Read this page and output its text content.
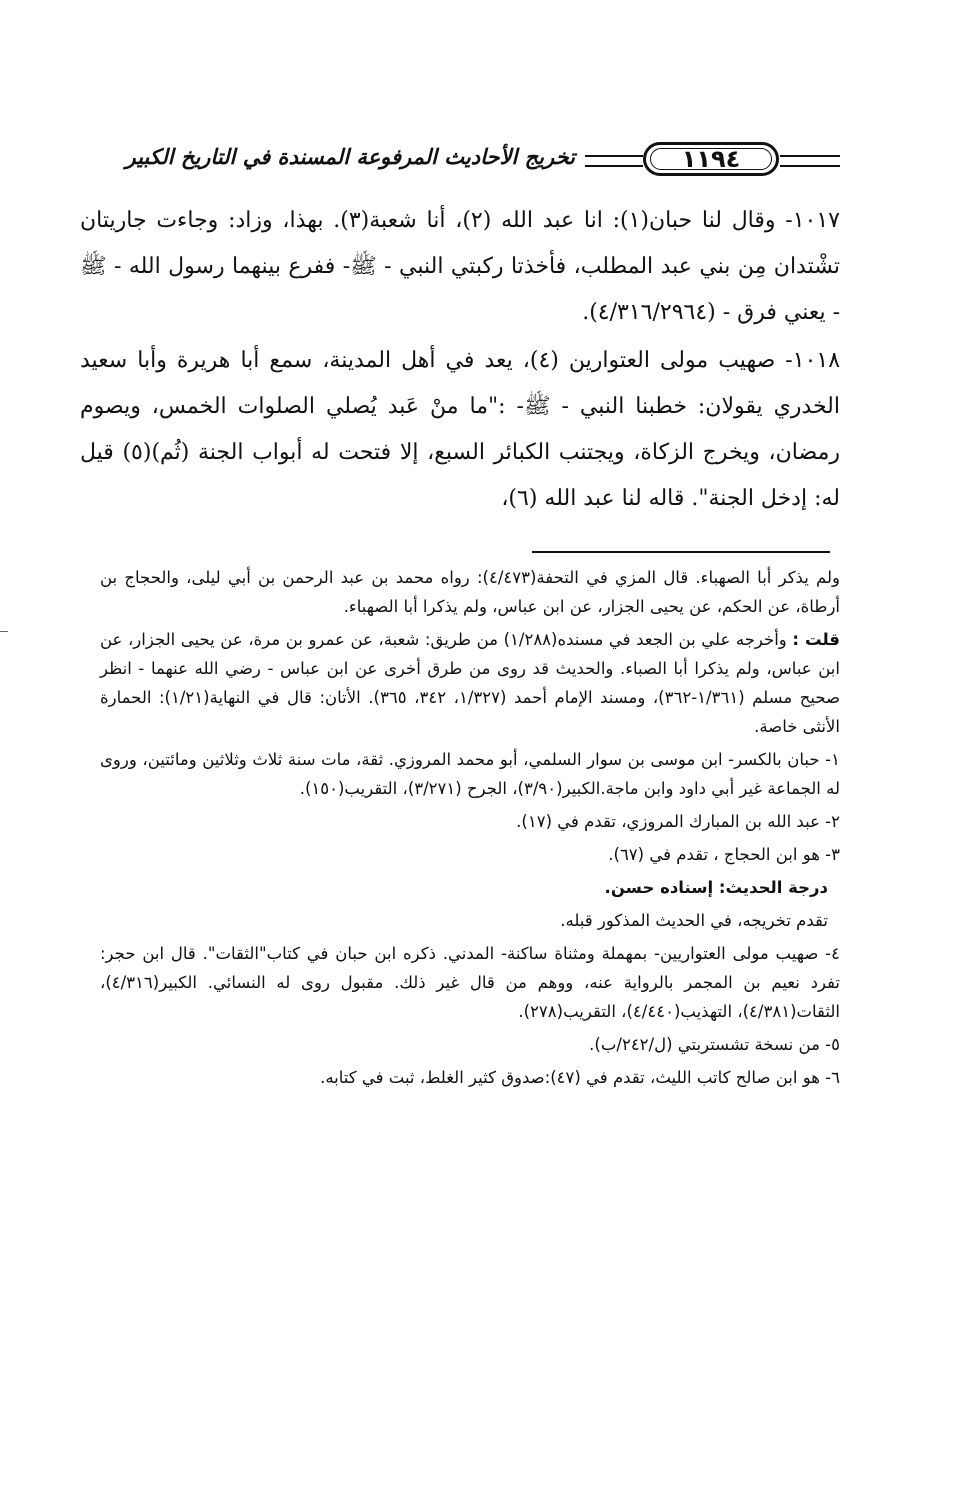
١١٩٤
تخريج الأحاديث المرفوعة المسندة في التاريخ الكبير

١٠١٧- وقال لنا حبان(١): انا عبد الله (٢)، أنا شعبة(٣). بهذا، وزاد: وجاءت جاريتان تشْتدان مِن بني عبد المطلب، فأخذتا ركبتي النبي - ﷺ- ففرع بينهما رسول الله - ﷺ - يعني فرق - (٤/٣١٦/٢٩٦٤).

١٠١٨- صهيب مولى العتوارين (٤)، يعد في أهل المدينة، سمع أبا هريرة وأبا سعيد الخدري يقولان: خطبنا النبي - ﷺ- :"ما منْ عَبد يُصلي الصلوات الخمس، ويصوم رمضان، ويخرج الزكاة، ويجتنب الكبائر السبع، إلا فتحت له أبواب الجنة (ثُم)(٥) قيل له: إدخل الجنة". قاله لنا عبد الله (٦)،

ولم يذكر أبا الصهباء. قال المزي في التحفة(٤/٤٧٣): رواه محمد بن عبد الرحمن بن أبي ليلى، والحجاج بن أرطاة، عن الحكم، عن يحيى الجزار، عن ابن عباس، ولم يذكرا أبا الصهباء.

قلت : وأخرجه علي بن الجعد في مسنده(١/٢٨٨) من طريق: شعبة، عن عمرو بن مرة، عن يحيى الجزار، عن ابن عباس، ولم يذكرا أبا الصباء. والحديث قد روى من طرق أخرى عن ابن عباس - رضي الله عنهما - انظر صحيح مسلم (١/٣٦١-٣٦٢)، ومسند الإمام أحمد (١/٣٢٧، ٣٤٢، ٣٦٥). الأتان: قال في النهاية(١/٢١): الحمارة الأنثى خاصة.

١- حبان بالكسر- ابن موسى بن سوار السلمي، أبو محمد المروزي. ثقة، مات سنة ثلاث وثلاثين ومائتين، وروى له الجماعة غير أبي داود وابن ماجة.الكبير(٣/٩٠)، الجرح (٣/٢٧١)، التقريب(١٥٠).

٢- عبد الله بن المبارك المروزي، تقدم في (١٧).

٣- هو ابن الحجاج ، تقدم في (٦٧).

درجة الحديث: إسناده حسن.

تقدم تخريجه، في الحديث المذكور قبله.

٤- صهيب مولى العتواريين- بمهملة ومثناة ساكنة- المدني. ذكره ابن حبان في كتاب"الثقات". قال ابن حجر: تفرد نعيم بن المجمر بالرواية عنه، ووهم من قال غير ذلك. مقبول روى له النسائي. الكبير(٤/٣١٦)، الثقات(٤/٣٨١)، التهذيب(٤/٤٤٠)، التقريب(٢٧٨).

٥- من نسخة تشستربتي (ل/٢٤٢/ب).

٦- هو ابن صالح كاتب الليث، تقدم في (٤٧):صدوق كثير الغلط، ثبت في كتابه.
